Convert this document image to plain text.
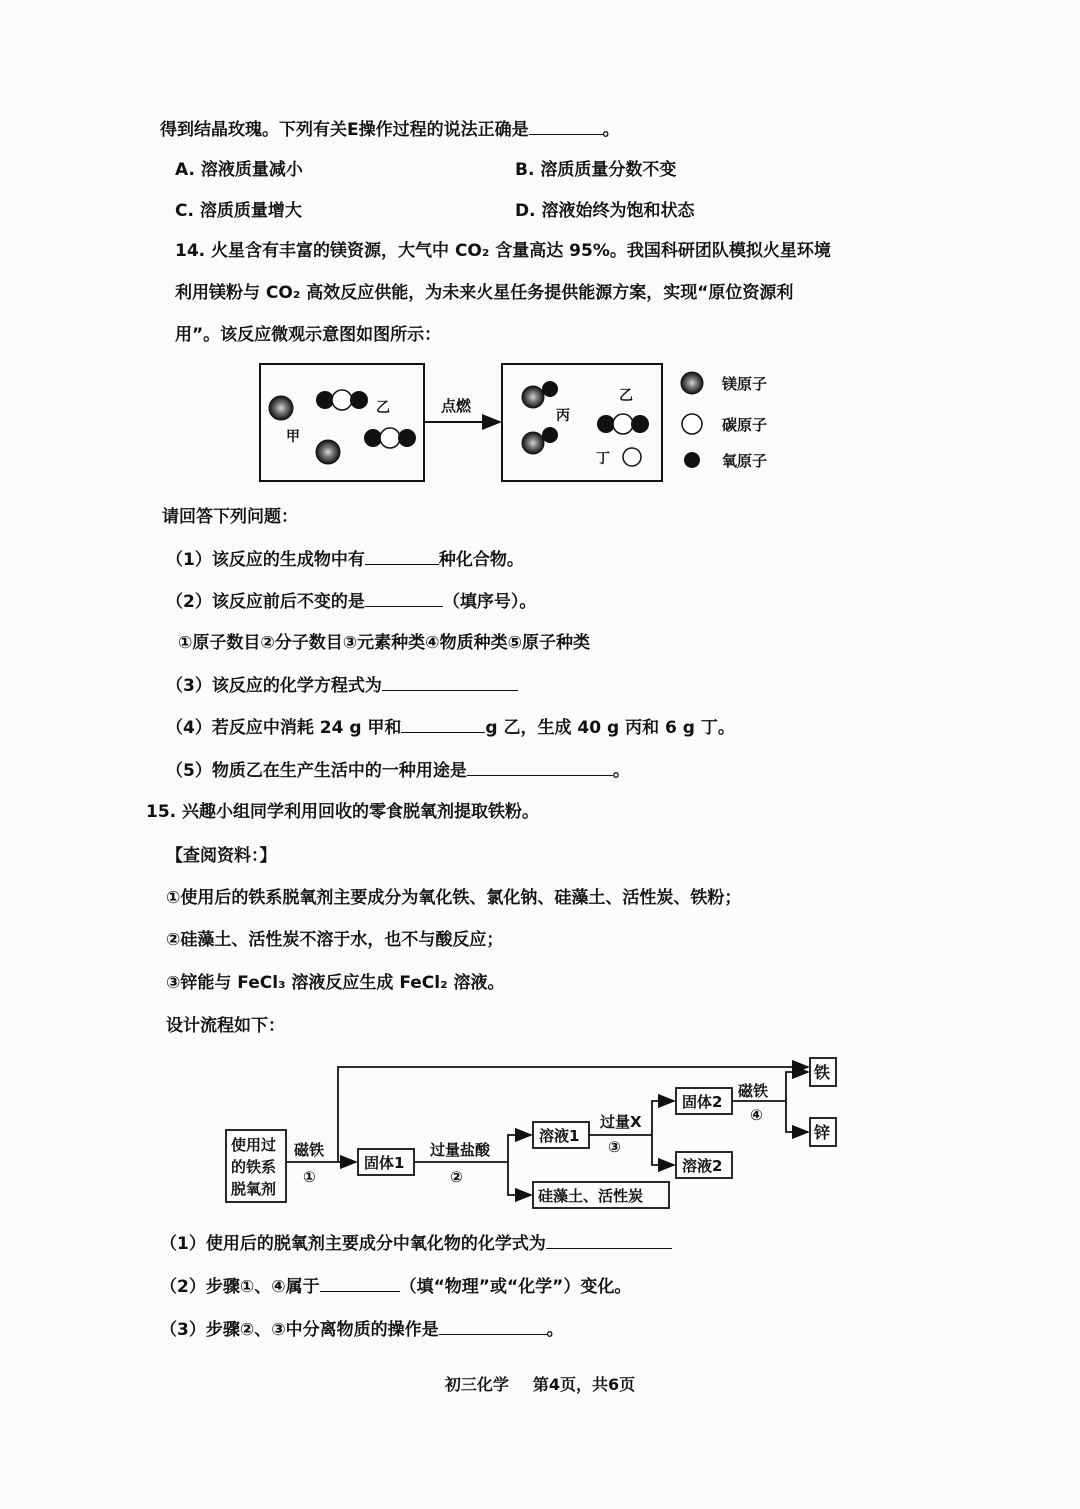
得到结晶玫瑰。下列有关E操作过程的说法正确是	。
A. 溶液质量减小	B. 溶质质量分数不变
C. 溶质质量增大	D. 溶液始终为饱和状态
14. 火星含有丰富的镁资源，大气中 CO₂ 含量高达 95%。我国科研团队模拟火星环境
利用镁粉与 CO₂ 高效反应供能，为未来火星任务提供能源方案，实现“原位资源利
用”。该反应微观示意图如图所示：
甲
乙	点燃
丙
乙
丁
镁原子
碳原子
氧原子
请回答下列问题：
（1）该反应的生成物中有	种化合物。
（2）该反应前后不变的是	（填序号）。
①原子数目②分子数目③元素种类④物质种类⑤原子种类
（3）该反应的化学方程式为
（4）若反应中消耗 24 g 甲和	g 乙，生成 40 g 丙和 6 g 丁。
（5）物质乙在生产生活中的一种用途是	。
15. 兴趣小组同学利用回收的零食脱氧剂提取铁粉。
【查阅资料：】
①使用后的铁系脱氧剂主要成分为氧化铁、氯化钠、硅藻土、活性炭、铁粉；
②硅藻土、活性炭不溶于水，也不与酸反应；
③锌能与 FeCl₃ 溶液反应生成 FeCl₂ 溶液。
设计流程如下：
使用过
的铁系
脱氧剂
磁铁
①
固体1
过量盐酸
②
溶液1
硅藻土、活性炭
过量X
③
固体2
溶液2
磁铁
④
铁
锌
（1）使用后的脱氧剂主要成分中氧化物的化学式为
（2）步骤①、④属于	（填“物理”或“化学”）变化。
（3）步骤②、③中分离物质的操作是	。
初三化学 第4页，共6页
